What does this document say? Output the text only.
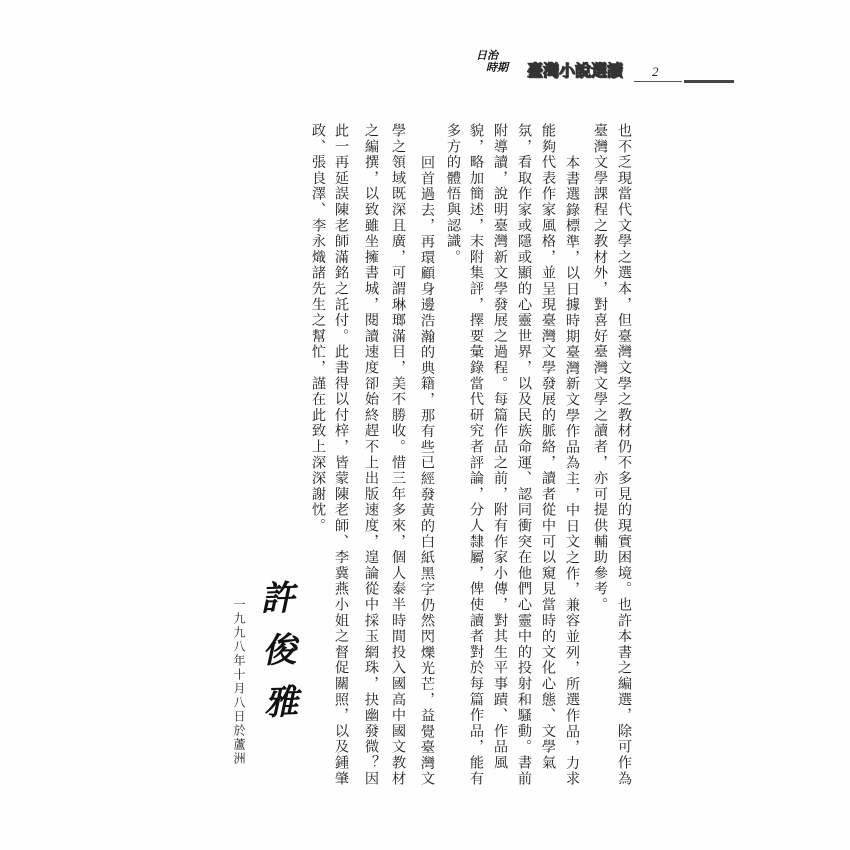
日治
時期 臺灣小說選讀 2
也不乏現當代文學之選本，但臺灣文學之教材仍不多見的現實困境。也許本書之編選，除可作為
臺灣文學課程之教材外，對喜好臺灣文學之讀者，亦可提供輔助參考。
本書選錄標準，以日據時期臺灣新文學作品為主，中日文之作，兼容並列，所選作品，力求
能夠代表作家風格，並呈現臺灣文學發展的脈絡，讀者從中可以窺見當時的文化心態、文學氣
氛，看取作家或隱或顯的心靈世界，以及民族命運、認同衝突在他們心靈中的投射和騷動。書前
附導讀，說明臺灣新文學發展之過程。每篇作品之前，附有作家小傳，對其生平事蹟、作品風
貌，略加簡述，末附集評，擇要彙錄當代研究者評論，分人隸屬，俾使讀者對於每篇作品，能有
多方的體悟與認識。
回首過去，再環顧身邊浩瀚的典籍，那有些已經發黃的白紙黑字仍然閃爍光芒，益覺臺灣文
學之領域既深且廣，可謂琳瑯滿目，美不勝收。惜三年多來，個人泰半時間投入國高中國文教材
之編撰，以致雖坐擁書城，閱讀速度卻始終趕不上出版速度，遑論從中採玉網珠，抉幽發微？因
此一再延誤陳老師滿銘之託付。此書得以付梓，皆蒙陳老師、李冀燕小姐之督促關照，以及鍾肇
政、張良澤、李永熾諸先生之幫忙，謹在此致上深深謝忱。
許俊雅
一九九八年十月八日於蘆洲
